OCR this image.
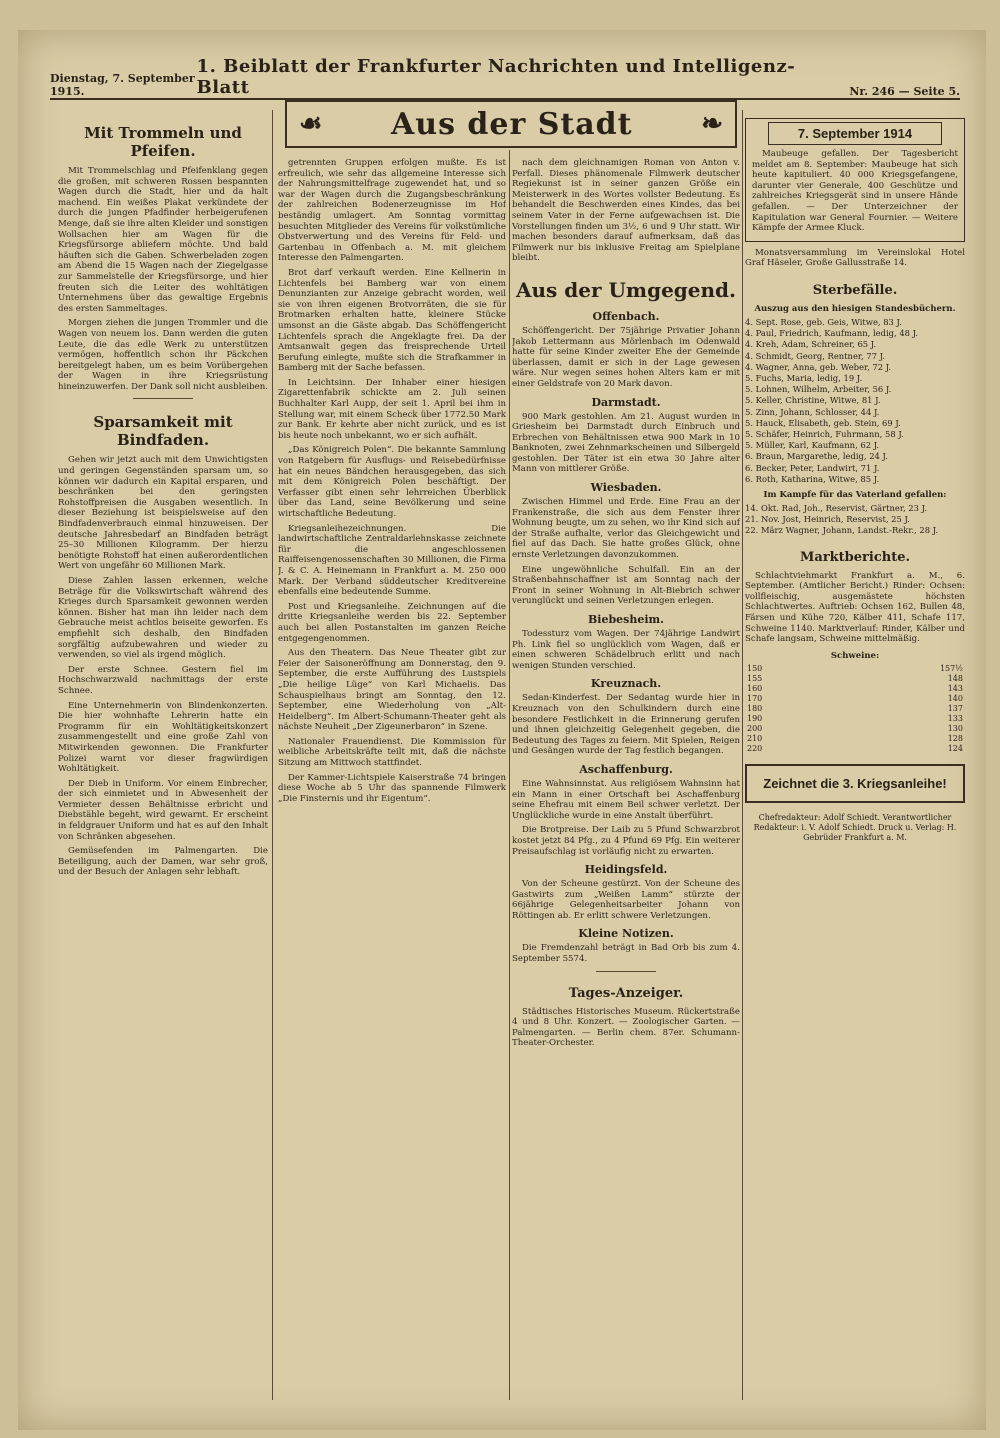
Dienstag, 7. September 1915.
1. Beiblatt der Frankfurter Nachrichten und Intelligenz-Blatt	Nr. 246 — Seite 5.
Mit Trommeln und Pfeifen.

Mit Trommelschlag und Pfeifenklang gegen die großen, mit schweren Rossen bespannten Wagen durch die Stadt, hier und da halt machend. Ein weißes Plakat verkündete der durch die jungen Pfadfinder herbeigerufenen Menge, daß sie ihre alten Kleider und sonstigen Wollsachen hier am Wagen für die Kriegsfürsorge abliefern möchte. Und bald häuften sich die Gaben. Schwerbeladen zogen am Abend die 15 Wagen nach der Ziegelgasse zur Sammelstelle der Kriegsfürsorge, und hier freuten sich die Leiter des wohltätigen Unternehmens über das gewaltige Ergebnis des ersten Sammeltages.

Morgen ziehen die jungen Trommler und die Wagen von neuem los. Dann werden die guten Leute, die das edle Werk zu unterstützen vermögen, hoffentlich schon ihr Päckchen bereitgelegt haben, um es beim Vorübergehen der Wagen in ihre Kriegsrüstung hineinzuwerfen. Der Dank soll nicht ausbleiben.

Sparsamkeit mit Bindfaden.

Gehen wir jetzt auch mit dem Unwichtigsten und geringen Gegenständen sparsam um, so können wir dadurch ein Kapital ersparen, und beschränken bei den geringsten Rohstoffpreisen die Ausgaben wesentlich. In dieser Beziehung ist beispielsweise auf den Bindfadenverbrauch einmal hinzuweisen. Der deutsche Jahresbedarf an Bindfaden beträgt 25–30 Millionen Kilogramm. Der hierzu benötigte Rohstoff hat einen außerordentlichen Wert von ungefähr 60 Millionen Mark.

Diese Zahlen lassen erkennen, welche Beträge für die Volkswirtschaft während des Krieges durch Sparsamkeit gewonnen werden können. Bisher hat man ihn leider nach dem Gebrauche meist achtlos beiseite geworfen. Es empfiehlt sich deshalb, den Bindfaden sorgfältig aufzubewahren und wieder zu verwenden, so viel als irgend möglich.

Der erste Schnee. Gestern fiel im Hochschwarzwald nachmittags der erste Schnee.

Eine Unternehmerin von Blindenkonzerten. Die hier wohnhafte Lehrerin hatte ein Programm für ein Wohltätigkeitskonzert zusammengestellt und eine große Zahl von Mitwirkenden gewonnen. Die Frankfurter Polizei warnt vor dieser fragwürdigen Wohltätigkeit.

Der Dieb in Uniform. Vor einem Einbrecher, der sich einmietet und in Abwesenheit der Vermieter dessen Behältnisse erbricht und Diebstähle begeht, wird gewarnt. Er erscheint in feldgrauer Uniform und hat es auf den Inhalt von Schränken abgesehen.

Gemüsefenden im Palmengarten. Die Beteiligung, auch der Damen, war sehr groß, und der Besuch der Anlagen sehr lebhaft.

☙ Aus der Stadt	❧

getrennten Gruppen erfolgen mußte. Es ist erfreulich, wie sehr das allgemeine Interesse sich der Nahrungsmittelfrage zugewendet hat, und so war der Wagen durch die Zugangsbeschränkung der zahlreichen Bodenerzeugnisse im Hof beständig umlagert. Am Sonntag vormittag besuchten Mitglieder des Vereins für volkstümliche Obstverwertung und des Vereins für Feld- und Gartenbau in Offenbach a. M. mit gleichem Interesse den Palmengarten.

Brot darf verkauft werden. Eine Kellnerin in Lichtenfels bei Bamberg war von einem Denunzianten zur Anzeige gebracht worden, weil sie von ihren eigenen Brotvorräten, die sie für Brotmarken erhalten hatte, kleinere Stücke umsonst an die Gäste abgab. Das Schöffengericht Lichtenfels sprach die Angeklagte frei. Da der Amtsanwalt gegen das freisprechende Urteil Berufung einlegte, mußte sich die Strafkammer in Bamberg mit der Sache befassen.

In Leichtsinn. Der Inhaber einer hiesigen Zigarettenfabrik schickte am 2. Juli seinen Buchhalter Karl Aupp, der seit 1. April bei ihm in Stellung war, mit einem Scheck über 1772.50 Mark zur Bank. Er kehrte aber nicht zurück, und es ist bis heute noch unbekannt, wo er sich aufhält.

„Das Königreich Polen“. Die bekannte Sammlung von Ratgebern für Ausflugs- und Reisebedürfnisse hat ein neues Bändchen herausgegeben, das sich mit dem Königreich Polen beschäftigt. Der Verfasser gibt einen sehr lehrreichen Überblick über das Land, seine Bevölkerung und seine wirtschaftliche Bedeutung.

Kriegsanleihezeichnungen. Die landwirtschaftliche Zentraldarlehnskasse zeichnete für die angeschlossenen Raiffeisengenossenschaften 30 Millionen, die Firma J. & C. A. Heinemann in Frankfurt a. M. 250 000 Mark. Der Verband süddeutscher Kreditvereine ebenfalls eine bedeutende Summe.

Post und Kriegsanleihe. Zeichnungen auf die dritte Kriegsanleihe werden bis 22. September auch bei allen Postanstalten im ganzen Reiche entgegengenommen.

Aus den Theatern. Das Neue Theater gibt zur Feier der Saisoneröffnung am Donnerstag, den 9. September, die erste Aufführung des Lustspiels „Die heilige Lüge“ von Karl Michaelis. Das Schauspielhaus bringt am Sonntag, den 12. September, eine Wiederholung von „Alt-Heidelberg“. Im Albert-Schumann-Theater geht als nächste Neuheit „Der Zigeunerbaron“ in Szene.

Nationaler Frauendienst. Die Kommission für weibliche Arbeitskräfte teilt mit, daß die nächste Sitzung am Mittwoch stattfindet.

Der Kammer-Lichtspiele Kaiserstraße 74 bringen diese Woche ab 5 Uhr das spannende Filmwerk „Die Finsternis und ihr Eigentum“.

nach dem gleichnamigen Roman von Anton v. Perfall. Dieses phänomenale Filmwerk deutscher Regiekunst ist in seiner ganzen Größe ein Meisterwerk in des Wortes vollster Bedeutung. Es behandelt die Beschwerden eines Kindes, das bei seinem Vater in der Ferne aufgewachsen ist. Die Vorstellungen finden um 3½, 6 und 9 Uhr statt. Wir machen besonders darauf aufmerksam, daß das Filmwerk nur bis inklusive Freitag am Spielplane bleibt.

Aus der Umgegend.
Offenbach.

Schöffengericht. Der 75jährige Privatier Johann Jakob Lettermann aus Mörlenbach im Odenwald hatte für seine Kinder zweiter Ehe der Gemeinde überlassen, damit er sich in der Lage gewesen wäre. Nur wegen seines hohen Alters kam er mit einer Geldstrafe von 20 Mark davon.

Darmstadt.

900 Mark gestohlen. Am 21. August wurden in Griesheim bei Darmstadt durch Einbruch und Erbrechen von Behältnissen etwa 900 Mark in 10 Banknoten, zwei Zehnmarkscheinen und Silbergeld gestohlen. Der Täter ist ein etwa 30 Jahre alter Mann von mittlerer Größe.

Wiesbaden.

Zwischen Himmel und Erde. Eine Frau an der Frankenstraße, die sich aus dem Fenster ihrer Wohnung beugte, um zu sehen, wo ihr Kind sich auf der Straße aufhalte, verlor das Gleichgewicht und fiel auf das Dach. Sie hatte großes Glück, ohne ernste Verletzungen davonzukommen.

Eine ungewöhnliche Schulfall. Ein an der Straßenbahnschaffner ist am Sonntag nach der Front in seiner Wohnung in Alt-Biebrich schwer verunglückt und seinen Verletzungen erlegen.

Biebesheim.

Todessturz vom Wagen. Der 74jährige Landwirt Ph. Link fiel so unglücklich vom Wagen, daß er einen schweren Schädelbruch erlitt und nach wenigen Stunden verschied.

Kreuznach.

Sedan-Kinderfest. Der Sedantag wurde hier in Kreuznach von den Schulkindern durch eine besondere Festlichkeit in die Erinnerung gerufen und ihnen gleichzeitig Gelegenheit gegeben, die Bedeutung des Tages zu feiern. Mit Spielen, Reigen und Gesängen wurde der Tag festlich begangen.

Aschaffenburg.

Eine Wahnsinnstat. Aus religiösem Wahnsinn hat ein Mann in einer Ortschaft bei Aschaffenburg seine Ehefrau mit einem Beil schwer verletzt. Der Unglückliche wurde in eine Anstalt überführt.

Die Brotpreise. Der Laib zu 5 Pfund Schwarzbrot kostet jetzt 84 Pfg., zu 4 Pfund 69 Pfg. Ein weiterer Preisaufschlag ist vorläufig nicht zu erwarten.

Heidingsfeld.

Von der Scheune gestürzt. Von der Scheune des Gastwirts zum „Weißen Lamm“ stürzte der 66jährige Gelegenheitsarbeiter Johann von Röttingen ab. Er erlitt schwere Verletzungen.

Kleine Notizen.

Die Fremdenzahl beträgt in Bad Orb bis zum 4. September 5574.

Tages-Anzeiger.

Städtisches Historisches Museum. Rückertstraße 4 und 8 Uhr. Konzert. — Zoologischer Garten. — Palmengarten. — Berlin chem. 87er. Schumann-Theater-Orchester.

7. September 1914

Maubeuge gefallen. Der Tagesbericht meldet am 8. September: Maubeuge hat sich heute kapituliert. 40 000 Kriegsgefangene, darunter vier Generale, 400 Geschütze und zahlreiches Kriegsgerät sind in unsere Hände gefallen. — Der Unterzeichner der Kapitulation war General Fournier. — Weitere Kämpfe der Armee Kluck.

Monatsversammlung im Vereinslokal Hotel Graf Häseler, Große Gallusstraße 14.

Sterbefälle.
Auszug aus den hiesigen Standesbüchern.
4. Sept. Rose, geb. Geis, Witwe, 83 J.
4. Paul, Friedrich, Kaufmann, ledig, 48 J.
4. Kreh, Adam, Schreiner, 65 J.
4. Schmidt, Georg, Rentner, 77 J.
4. Wagner, Anna, geb. Weber, 72 J.
5. Fuchs, Maria, ledig, 19 J.
5. Lohnen, Wilhelm, Arbeiter, 56 J.
5. Keller, Christine, Witwe, 81 J.
5. Zinn, Johann, Schlosser, 44 J.
5. Hauck, Elisabeth, geb. Stein, 69 J.
5. Schäfer, Heinrich, Fuhrmann, 58 J.
5. Müller, Karl, Kaufmann, 62 J.
6. Braun, Margarethe, ledig, 24 J.
6. Becker, Peter, Landwirt, 71 J.
6. Roth, Katharina, Witwe, 85 J.
Im Kampfe für das Vaterland gefallen:
14. Okt. Rad, Joh., Reservist, Gärtner, 23 J.
21. Nov. Jost, Heinrich, Reservist, 25 J.
22. März Wagner, Johann, Landst.-Rekr., 28 J.
Marktberichte.

Schlachtviehmarkt Frankfurt a. M., 6. September. (Amtlicher Bericht.) Rinder: Ochsen: vollfleischig, ausgemästete höchsten Schlachtwertes. Auftrieb: Ochsen 162, Bullen 48, Färsen und Kühe 720, Kälber 411, Schafe 117, Schweine 1140. Marktverlauf: Rinder, Kälber und Schafe langsam, Schweine mittelmäßig.

Schweine:
150	157½
155	148
160	143
170	140
180	137
190	133
200	130
210	128
220	124
Zeichnet die 3. Kriegsanleihe!
Chefredakteur: Adolf Schiedt. Verantwortlicher Redakteur: i. V. Adolf Schiedt. Druck u. Verlag: H. Gebrüder Frankfurt a. M.
